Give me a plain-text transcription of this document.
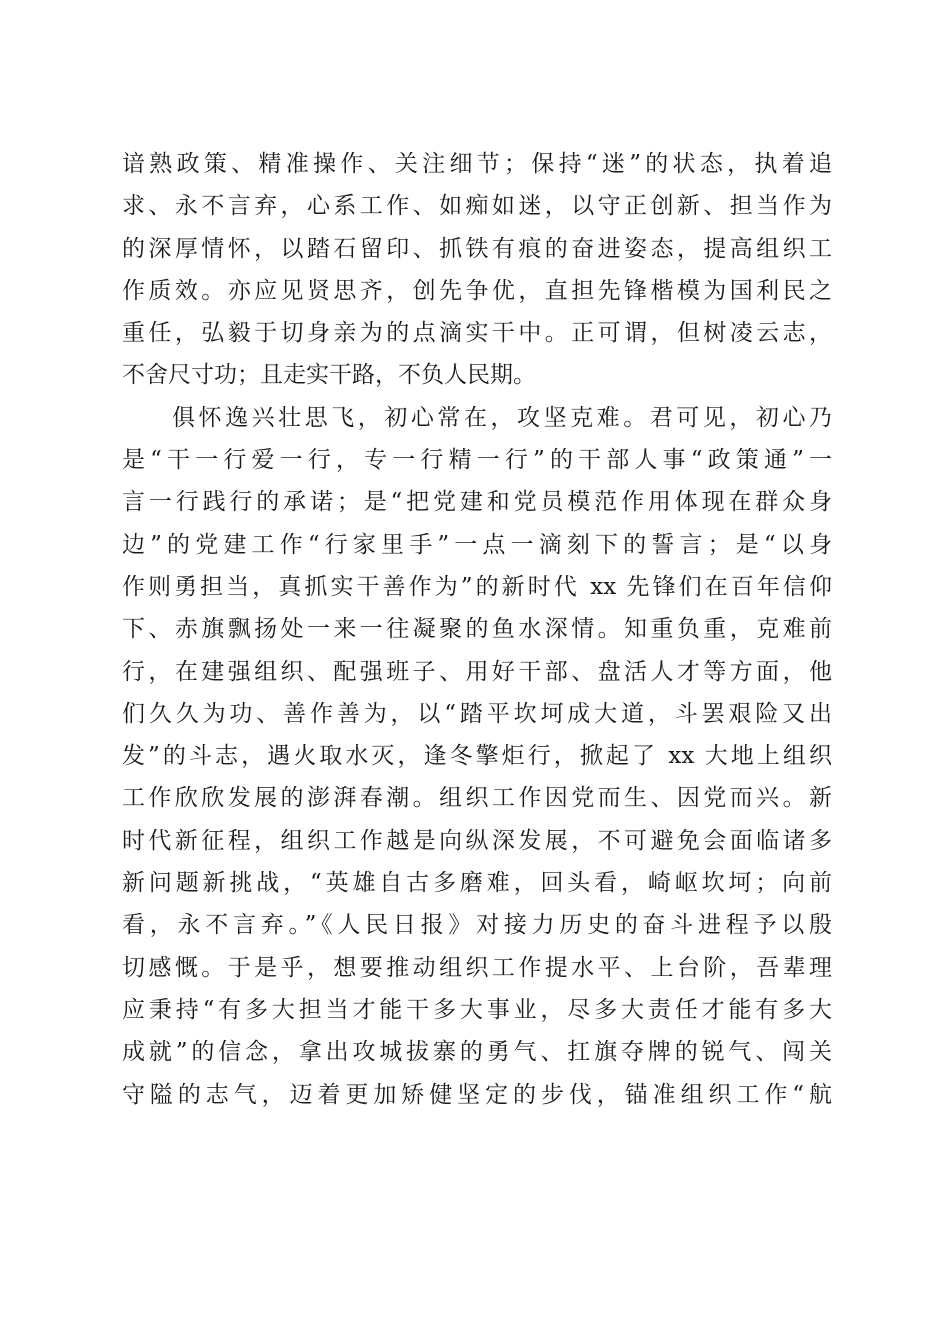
谙熟政策、精准操作、关注细节；保持“迷”的状态，执着追
求、永不言弃，心系工作、如痴如迷，以守正创新、担当作为
的深厚情怀，以踏石留印、抓铁有痕的奋进姿态，提高组织工
作质效。亦应见贤思齐，创先争优，直担先锋楷模为国利民之
重任，弘毅于切身亲为的点滴实干中。正可谓，但树凌云志，
不舍尺寸功；且走实干路，不负人民期。
俱怀逸兴壮思飞，初心常在，攻坚克难。君可见，初心乃
是“干一行爱一行，专一行精一行”的干部人事“政策通”一
言一行践行的承诺；是“把党建和党员模范作用体现在群众身
边”的党建工作“行家里手”一点一滴刻下的誓言；是“以身
作则勇担当，真抓实干善作为”的新时代 xx 先锋们在百年信仰
下、赤旗飘扬处一来一往凝聚的鱼水深情。知重负重，克难前
行，在建强组织、配强班子、用好干部、盘活人才等方面，他
们久久为功、善作善为，以“踏平坎坷成大道，斗罢艰险又出
发”的斗志，遇火取水灭，逢冬擎炬行，掀起了 xx 大地上组织
工作欣欣发展的澎湃春潮。组织工作因党而生、因党而兴。新
时代新征程，组织工作越是向纵深发展，不可避免会面临诸多
新问题新挑战，“英雄自古多磨难，回头看，崎岖坎坷；向前
看，永不言弃。”《人民日报》对接力历史的奋斗进程予以殷
切感慨。于是乎，想要推动组织工作提水平、上台阶，吾辈理
应秉持“有多大担当才能干多大事业，尽多大责任才能有多大
成就”的信念，拿出攻城拔寨的勇气、扛旗夺牌的锐气、闯关
守隘的志气，迈着更加矫健坚定的步伐，锚准组织工作“航
